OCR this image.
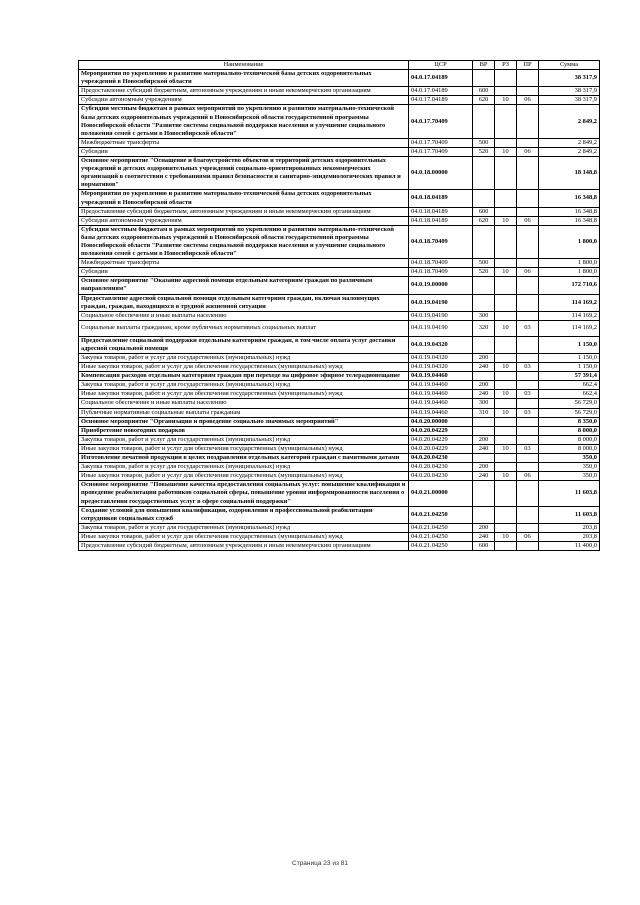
Наименование	ЦСР	ВР	РЗ	ПР	Сумма
Мероприятия по укреплению и развитию материально-технической базы детских оздоровительных учреждений в Новосибирской области	04.0.17.04189				38 317,9
Предоставление субсидий бюджетным, автономным учреждениям и иным некоммерческим организациям	04.0.17.04189	600			38 317,9
Субсидии автономным учреждениям	04.0.17.04189	620	10	06	38 317,9
Субсидии местным бюджетам в рамках мероприятий по укреплению и развитию материально-технической базы детских оздоровительных учреждений в Новосибирской области государственной программы Новосибирской области "Развитие системы социальной поддержки населения и улучшение социального положения семей с детьми в Новосибирской области"	04.0.17.70409				2 849,2
Межбюджетные трансферты	04.0.17.70409	500			2 849,2
Субсидии	04.0.17.70409	520	10	06	2 849,2
Основное мероприятие "Оснащение и благоустройство объектов и территорий детских оздоровительных учреждений и детских оздоровительных учреждений социально-ориентированных некоммерческих организаций в соответствии с требованиями правил безопасности и санитарно-эпидемиологических правил и нормативов"	04.0.18.00000				18 148,8
Мероприятия по укреплению и развитию материально-технической базы детских оздоровительных учреждений в Новосибирской области	04.0.18.04189				16 348,8
Предоставление субсидий бюджетным, автономным учреждениям и иным некоммерческим организациям	04.0.18.04189	600			16 348,8
Субсидии автономным учреждениям	04.0.18.04189	620	10	06	16 348,8
Субсидии местным бюджетам в рамках мероприятий по укреплению и развитию материально-технической базы детских оздоровительных учреждений в Новосибирской области государственной программы Новосибирской области "Развитие системы социальной поддержки населения и улучшение социального положения семей с детьми в Новосибирской области"	04.0.18.70409				1 800,0
Межбюджетные трансферты	04.0.18.70409	500			1 800,0
Субсидии	04.0.18.70409	520	10	06	1 800,0
Основное мероприятие "Оказание адресной помощи отдельным категориям граждан по различным направлениям"	04.0.19.00000				172 710,6
Предоставление адресной социальной помощи отдельным категориям граждан, включая малоимущих граждан, граждан, находящихся в трудной жизненной ситуации	04.0.19.04190				114 169,2
Социальное обеспечение и иные выплаты населению	04.0.19.04190	300			114 169,2
Социальные выплаты гражданам, кроме публичных нормативных социальных выплат	04.0.19.04190	320	10	03	114 169,2
Предоставление социальной поддержки отдельным категориям граждан, в том числе оплата услуг доставки адресной социальной помощи	04.0.19.04320				1 150,0
Закупка товаров, работ и услуг для государственных (муниципальных) нужд	04.0.19.04320	200			1 150,0
Иные закупки товаров, работ и услуг для обеспечения государственных (муниципальных) нужд	04.0.19.04320	240	10	03	1 150,0
Компенсация расходов отдельным категориям граждан при переходе на цифровое эфирное телерадиовещание	04.0.19.04460				57 391,4
Закупка товаров, работ и услуг для государственных (муниципальных) нужд	04.0.19.04460	200			662,4
Иные закупки товаров, работ и услуг для обеспечения государственных (муниципальных) нужд	04.0.19.04460	240	10	03	662,4
Социальное обеспечение и иные выплаты населению	04.0.19.04460	300			56 729,0
Публичные нормативные социальные выплаты гражданам	04.0.19.04460	310	10	03	56 729,0
Основное мероприятие "Организация и проведение социально значимых мероприятий"	04.0.20.00000				8 350,0
Приобретение новогодних подарков	04.0.20.04229				8 000,0
Закупка товаров, работ и услуг для государственных (муниципальных) нужд	04.0.20.04229	200			8 000,0
Иные закупки товаров, работ и услуг для обеспечения государственных (муниципальных) нужд	04.0.20.04229	240	10	03	8 000,0
Изготовление печатной продукции в целях поздравления отдельных категорий граждан с памятными датами	04.0.20.04230				350,0
Закупка товаров, работ и услуг для государственных (муниципальных) нужд	04.0.20.04230	200			350,0
Иные закупки товаров, работ и услуг для обеспечения государственных (муниципальных) нужд	04.0.20.04230	240	10	06	350,0
Основное мероприятие "Повышение качества предоставления социальных услуг: повышение квалификации и проведение реабилитации работников социальной сферы, повышение уровня информированности населения о предоставлении государственных услуг в сфере социальной поддержки"	04.0.21.00000				11 603,8
Создание условий для повышения квалификации, оздоровления и профессиональной реабилитации сотрудников социальных служб	04.0.21.04250				11 603,8
Закупка товаров, работ и услуг для государственных (муниципальных) нужд	04.0.21.04250	200			203,8
Иные закупки товаров, работ и услуг для обеспечения государственных (муниципальных) нужд	04.0.21.04250	240	10	06	203,8
Предоставление субсидий бюджетным, автономным учреждениям и иным некоммерческим организациям	04.0.21.04250	600			11 400,0
Страница 23 из 81
